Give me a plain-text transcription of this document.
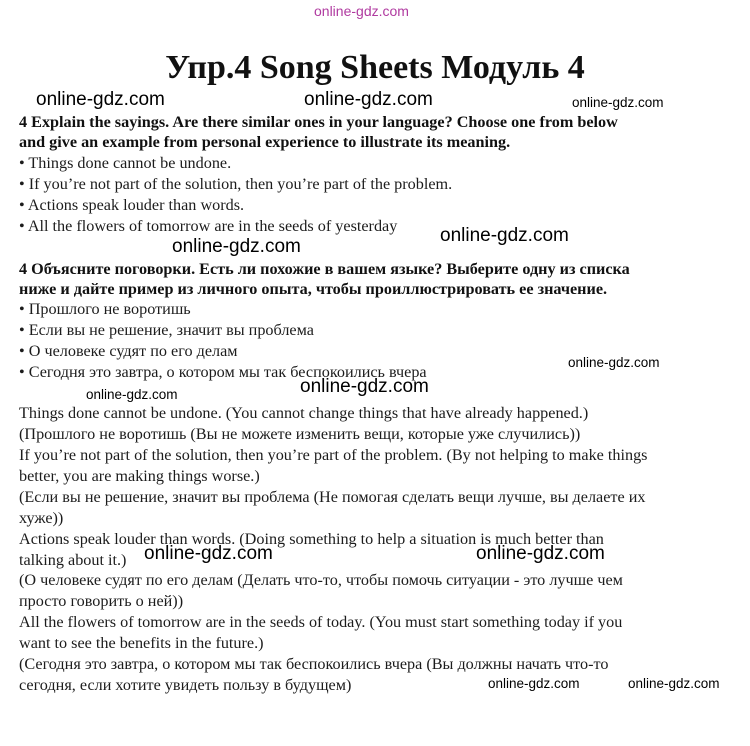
online-gdz.com
Упр.4 Song Sheets Модуль 4
online-gdz.com	online-gdz.com	online-gdz.com
4 Explain the sayings. Are there similar ones in your language? Choose one from below
and give an example from personal experience to illustrate its meaning.
• Things done cannot be undone.
• If you’re not part of the solution, then you’re part of the problem.
• Actions speak louder than words.
• All the flowers of tomorrow are in the seeds of yesterday online-gdz.com
online-gdz.com
4 Объясните поговорки. Есть ли похожие в вашем языке? Выберите одну из списка
ниже и дайте пример из личного опыта, чтобы проиллюстрировать ее значение.
• Прошлого не воротишь
• Если вы не решение, значит вы проблема
• О человеке судят по его делам
• Сегодня это завтра, о котором мы так беспокоились вчера
online-gdz.com
online-gdz.com
online-gdz.com
Things done cannot be undone. (You cannot change things that have already happened.)
(Прошлого не воротишь (Вы не можете изменить вещи, которые уже случились))
If you’re not part of the solution, then you’re part of the problem. (By not helping to make things
better, you are making things worse.)
(Если вы не решение, значит вы проблема (Не помогая сделать вещи лучше, вы делаете их
хуже))
Actions speak louder than words. (Doing something to help a situation is much better than
talking about it.) online-gdz.com	online-gdz.com
(О человеке судят по его делам (Делать что-то, чтобы помочь ситуации - это лучше чем
просто говорить о ней))
All the flowers of tomorrow are in the seeds of today. (You must start something today if you
want to see the benefits in the future.)
(Сегодня это завтра, о котором мы так беспокоились вчера (Вы должны начать что-то
сегодня, если хотите увидеть пользу в будущем)	online-gdz.com	online-gdz.com
